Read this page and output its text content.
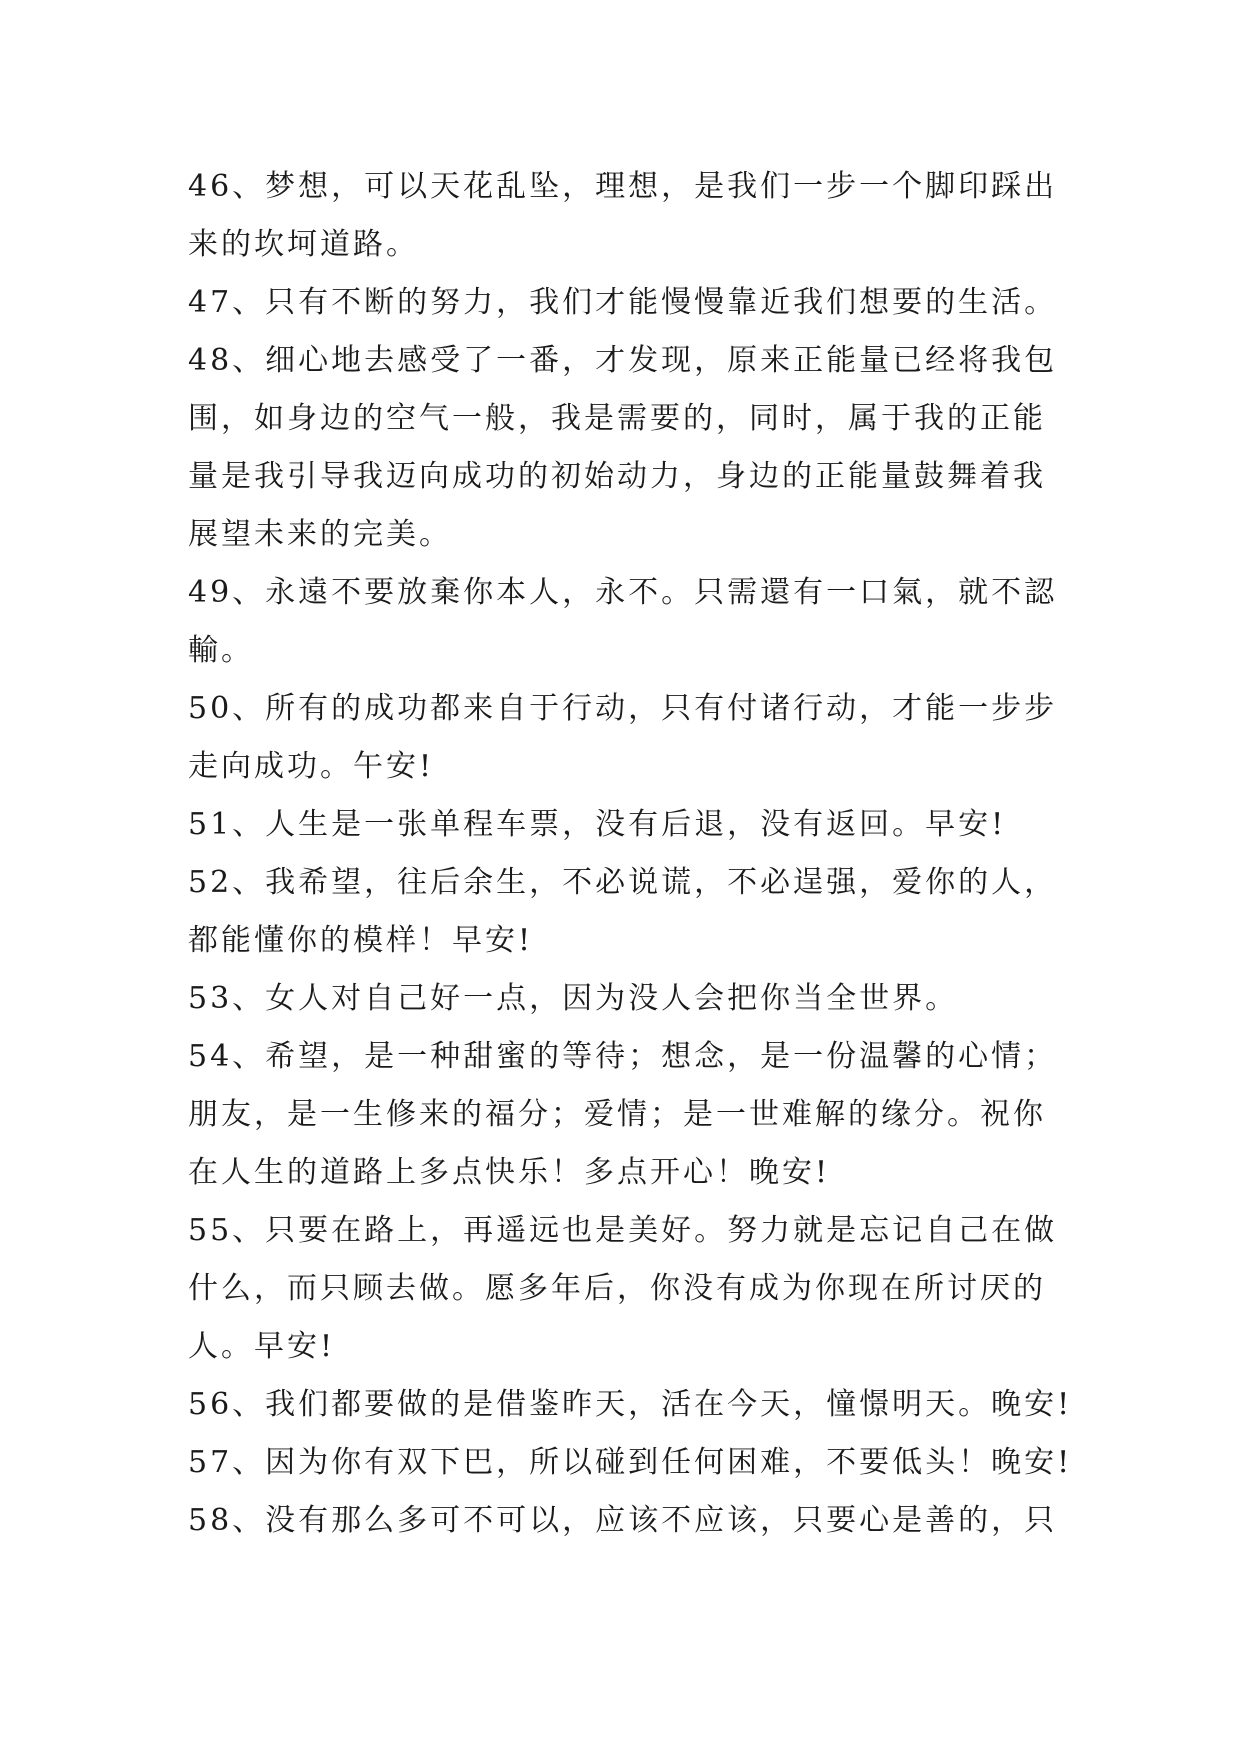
46、梦想，可以天花乱坠，理想，是我们一步一个脚印踩出
来的坎坷道路。
47、只有不断的努力，我们才能慢慢靠近我们想要的生活。
48、细心地去感受了一番，才发现，原来正能量已经将我包
围，如身边的空气一般，我是需要的，同时，属于我的正能
量是我引导我迈向成功的初始动力，身边的正能量鼓舞着我
展望未来的完美。
49、永遠不要放棄你本人，永不。只需還有一口氣，就不認
輸。
50、所有的成功都来自于行动，只有付诸行动，才能一步步
走向成功。午安!
51、人生是一张单程车票，没有后退，没有返回。早安!
52、我希望，往后余生，不必说谎，不必逞强，爱你的人，
都能懂你的模样！早安!
53、女人对自己好一点，因为没人会把你当全世界。
54、希望，是一种甜蜜的等待；想念，是一份温馨的心情；
朋友，是一生修来的福分；爱情；是一世难解的缘分。祝你
在人生的道路上多点快乐！多点开心！晚安!
55、只要在路上，再遥远也是美好。努力就是忘记自己在做
什么，而只顾去做。愿多年后，你没有成为你现在所讨厌的
人。早安!
56、我们都要做的是借鉴昨天，活在今天，憧憬明天。晚安!
57、因为你有双下巴，所以碰到任何困难，不要低头！晚安!
58、没有那么多可不可以，应该不应该，只要心是善的，只
